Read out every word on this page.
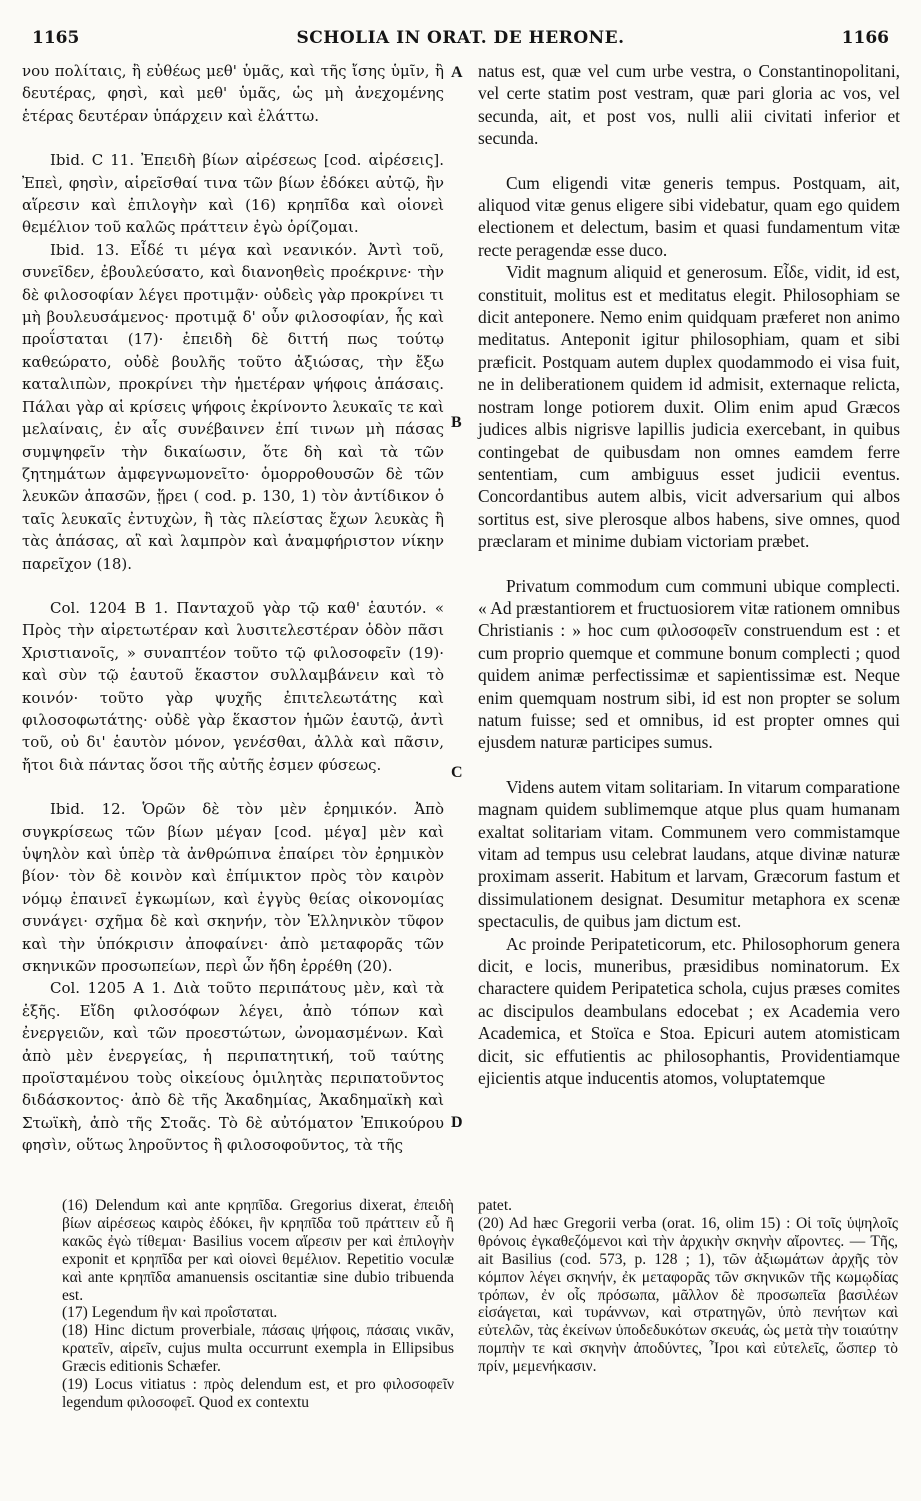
1165	SCHOLIA IN ORAT. DE HERONE.	1166

νου πολίταις, ἢ εὐθέως μεθ' ὑμᾶς, καὶ τῆς ἴσης ὑμῖν, ἢ δευτέρας, φησὶ, καὶ μεθ' ὑμᾶς, ὡς μὴ ἀνεχομένης ἑτέρας δευτέραν ὑπάρχειν καὶ ἐλάττω.

Ibid. C 11. Ἐπειδὴ βίων αἱρέσεως [cod. αἱρέσεις]. Ἐπεὶ, φησὶν, αἱρεῖσθαί τινα τῶν βίων ἐδόκει αὐτῷ, ἣν αἵρεσιν καὶ ἐπιλογὴν καὶ (16) κρηπῖδα καὶ οἱονεὶ θεμέλιον τοῦ καλῶς πράττειν ἐγὼ ὁρίζομαι.

Ibid. 13. Εἶδέ τι μέγα καὶ νεανικόν. Ἀντὶ τοῦ, συνεῖδεν, ἐβουλεύσατο, καὶ διανοηθεὶς προέκρινε· τὴν δὲ φιλοσοφίαν λέγει προτιμᾷν· οὐδεὶς γὰρ προκρίνει τι μὴ βουλευσάμενος· προτιμᾷ δ' οὖν φιλοσοφίαν, ἧς καὶ προΐσταται (17)· ἐπειδὴ δὲ διττή πως τούτῳ καθεώρατο, οὐδὲ βουλῆς τοῦτο ἀξιώσας, τὴν ἔξω καταλιπὼν, προκρίνει τὴν ἡμετέραν ψήφοις ἁπάσαις. Πάλαι γὰρ αἱ κρίσεις ψήφοις ἐκρίνοντο λευκαῖς τε καὶ μελαίναις, ἐν αἷς συνέβαινεν ἐπί τινων μὴ πάσας συμψηφεῖν τὴν δικαίωσιν, ὅτε δὴ καὶ τὰ τῶν ζητημάτων ἀμφεγνωμονεῖτο· ὁμορροθουσῶν δὲ τῶν λευκῶν ἁπασῶν, ᾕρει ( cod. p. 130, 1) τὸν ἀντίδικον ὁ ταῖς λευκαῖς ἐντυχὼν, ἢ τὰς πλείστας ἔχων λευκὰς ἢ τὰς ἁπάσας, αἳ καὶ λαμπρὸν καὶ ἀναμφήριστον νίκην παρεῖχον (18).

Col. 1204 B 1. Πανταχοῦ γὰρ τῷ καθ' ἑαυτόν. « Πρὸς τὴν αἱρετωτέραν καὶ λυσιτελεστέραν ὁδὸν πᾶσι Χριστιανοῖς, » συναπτέον τοῦτο τῷ φιλοσοφεῖν (19)· καὶ σὺν τῷ ἑαυτοῦ ἕκαστον συλλαμβάνειν καὶ τὸ κοινόν· τοῦτο γὰρ ψυχῆς ἐπιτελεωτάτης καὶ φιλοσοφωτάτης· οὐδὲ γὰρ ἕκαστον ἡμῶν ἑαυτῷ, ἀντὶ τοῦ, οὐ δι' ἑαυτὸν μόνον, γενέσθαι, ἀλλὰ καὶ πᾶσιν, ἤτοι διὰ πάντας ὅσοι τῆς αὐτῆς ἐσμεν φύσεως.

Ibid. 12. Ὁρῶν δὲ τὸν μὲν ἐρημικόν. Ἀπὸ συγκρίσεως τῶν βίων μέγαν [cod. μέγα] μὲν καὶ ὑψηλὸν καὶ ὑπὲρ τὰ ἀνθρώπινα ἐπαίρει τὸν ἐρημικὸν βίον· τὸν δὲ κοινὸν καὶ ἐπίμικτον πρὸς τὸν καιρὸν νόμῳ ἐπαινεῖ ἐγκωμίων, καὶ ἐγγὺς θείας οἰκονομίας συνάγει· σχῆμα δὲ καὶ σκηνήν, τὸν Ἑλληνικὸν τῦφον καὶ τὴν ὑπόκρισιν ἀποφαίνει· ἀπὸ μεταφορᾶς τῶν σκηνικῶν προσωπείων, περὶ ὧν ἤδη ἐρρέθη (20).

Col. 1205 A 1. Διὰ τοῦτο περιπάτους μὲν, καὶ τὰ ἑξῆς. Εἴδη φιλοσόφων λέγει, ἀπὸ τόπων καὶ ἐνεργειῶν, καὶ τῶν προεστώτων, ὠνομασμένων. Καὶ ἀπὸ μὲν ἐνεργείας, ἡ περιπατητική, τοῦ ταύτης προϊσταμένου τοὺς οἰκείους ὁμιλητὰς περιπατοῦντος διδάσκοντος· ἀπὸ δὲ τῆς Ἀκαδημίας, Ἀκαδημαϊκὴ καὶ Στωϊκὴ, ἀπὸ τῆς Στοᾶς. Τὸ δὲ αὐτόματον Ἐπικούρου φησὶν, οὕτως ληροῦντος ἢ φιλοσοφοῦντος, τὰ τῆς

A
B
C
D

natus est, quæ vel cum urbe vestra, o Constantinopolitani, vel certe statim post vestram, quæ pari gloria ac vos, vel secunda, ait, et post vos, nulli alii civitati inferior et secunda.

Cum eligendi vitæ generis tempus. Postquam, ait, aliquod vitæ genus eligere sibi videbatur, quam ego quidem electionem et delectum, basim et quasi fundamentum vitæ recte peragendæ esse duco.

Vidit magnum aliquid et generosum. Εἶδε, vidit, id est, constituit, molitus est et meditatus elegit. Philosophiam se dicit anteponere. Nemo enim quidquam præferet non animo meditatus. Anteponit igitur philosophiam, quam et sibi præficit. Postquam autem duplex quodammodo ei visa fuit, ne in deliberationem quidem id admisit, externaque relicta, nostram longe potiorem duxit. Olim enim apud Græcos judices albis nigrisve lapillis judicia exercebant, in quibus contingebat de quibusdam non omnes eamdem ferre sententiam, cum ambiguus esset judicii eventus. Concordantibus autem albis, vicit adversarium qui albos sortitus est, sive plerosque albos habens, sive omnes, quod præclaram et minime dubiam victoriam præbet.

Privatum commodum cum communi ubique complecti. « Ad præstantiorem et fructuosiorem vitæ rationem omnibus Christianis : » hoc cum φιλοσοφεῖν construendum est : et cum proprio quemque et commune bonum complecti ; quod quidem animæ perfectissimæ et sapientissimæ est. Neque enim quemquam nostrum sibi, id est non propter se solum natum fuisse; sed et omnibus, id est propter omnes qui ejusdem naturæ participes sumus.

Videns autem vitam solitariam. In vitarum comparatione magnam quidem sublimemque atque plus quam humanam exaltat solitariam vitam. Communem vero commistamque vitam ad tempus usu celebrat laudans, atque divinæ naturæ proximam asserit. Habitum et larvam, Græcorum fastum et dissimulationem designat. Desumitur metaphora ex scenæ spectaculis, de quibus jam dictum est.

Ac proinde Peripateticorum, etc. Philosophorum genera dicit, e locis, muneribus, præsidibus nominatorum. Ex charactere quidem Peripatetica schola, cujus præses comites ac discipulos deambulans edocebat ; ex Academia vero Academica, et Stoïca e Stoa. Epicuri autem atomisticam dicit, sic effutientis ac philosophantis, Providentiamque ejicientis atque inducentis atomos, voluptatemque

(16) Delendum καὶ ante κρηπῖδα. Gregorius dixerat, ἐπειδὴ βίων αἱρέσεως καιρὸς ἐδόκει, ἣν κρηπῖδα τοῦ πράττειν εὖ ἢ κακῶς ἐγὼ τίθεμαι· Basilius vocem αἵρεσιν per καὶ ἐπιλογὴν exponit et κρηπῖδα per καὶ οἱονεὶ θεμέλιον. Repetitio voculæ καὶ ante κρηπῖδα amanuensis oscitantiæ sine dubio tribuenda est.

(17) Legendum ἣν καὶ προΐσταται.

(18) Hinc dictum proverbiale, πάσαις ψήφοις, πάσαις νικᾶν, κρατεῖν, αἱρεῖν, cujus multa occurrunt exempla in Ellipsibus Græcis editionis Schæfer.

(19) Locus vitiatus : πρὸς delendum est, et pro φιλοσοφεῖν legendum φιλοσοφεῖ. Quod ex contextu

patet.

(20) Ad hæc Gregorii verba (orat. 16, olim 15) : Οἱ τοῖς ὑψηλοῖς θρόνοις ἐγκαθεζόμενοι καὶ τὴν ἀρχικὴν σκηνὴν αἴροντες. — Τῆς, ait Basilius (cod. 573, p. 128 ; 1), τῶν ἀξιωμάτων ἀρχῆς τὸν κόμπον λέγει σκηνήν, ἐκ μεταφορᾶς τῶν σκηνικῶν τῆς κωμῳδίας τρόπων, ἐν οἷς πρόσωπα, μᾶλλον δὲ προσωπεῖα βασιλέων εἰσάγεται, καὶ τυράννων, καὶ στρατηγῶν, ὑπὸ πενήτων καὶ εὐτελῶν, τὰς ἐκείνων ὑποδεδυκότων σκευάς, ὡς μετὰ τὴν τοιαύτην πομπὴν τε καὶ σκηνὴν ἀποδύντες, Ἶροι καὶ εὐτελεῖς, ὥσπερ τὸ πρίν, μεμενήκασιν.
